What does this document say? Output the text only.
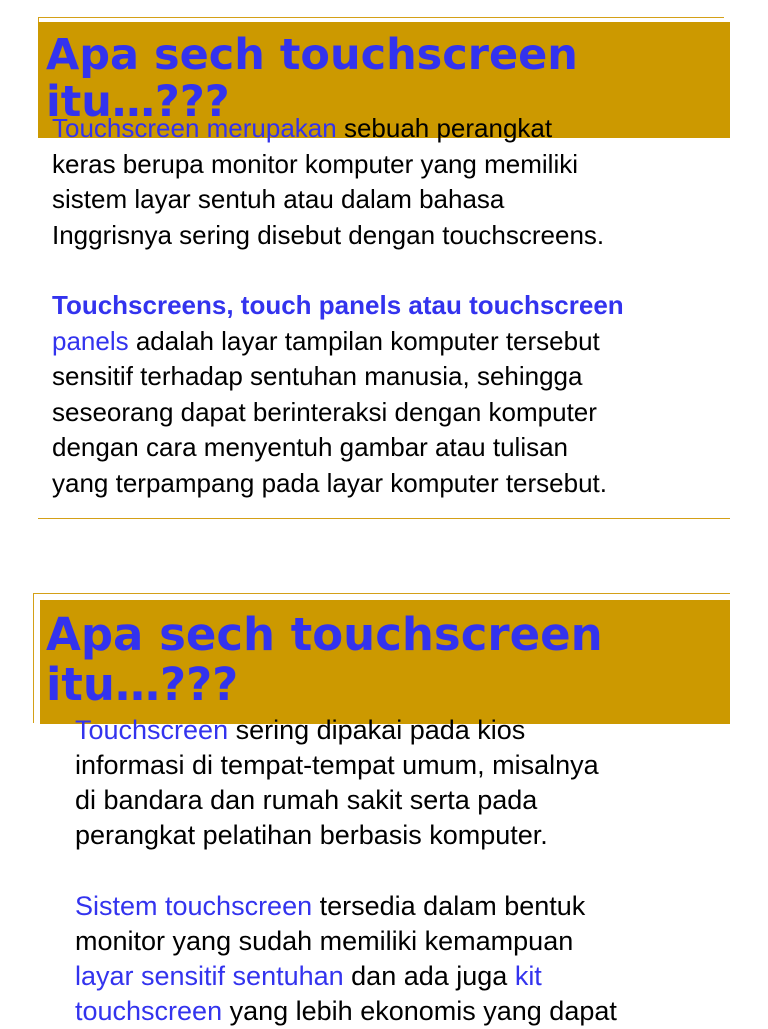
Apa sech touchscreen
itu…???

Touchscreen merupakan sebuah perangkat
keras berupa monitor komputer yang memiliki
sistem layar sentuh atau dalam bahasa
Inggrisnya sering disebut dengan touchscreens.

Touchscreens, touch panels atau touchscreen
panels adalah layar tampilan komputer tersebut
sensitif terhadap sentuhan manusia, sehingga
seseorang dapat berinteraksi dengan komputer
dengan cara menyentuh gambar atau tulisan
yang terpampang pada layar komputer tersebut.

Apa sech touchscreen
itu…???

Touchscreen sering dipakai pada kios
informasi di tempat-tempat umum, misalnya
di bandara dan rumah sakit serta pada
perangkat pelatihan berbasis komputer.

Sistem touchscreen tersedia dalam bentuk
monitor yang sudah memiliki kemampuan
layar sensitif sentuhan dan ada juga kit
touchscreen yang lebih ekonomis yang dapat
